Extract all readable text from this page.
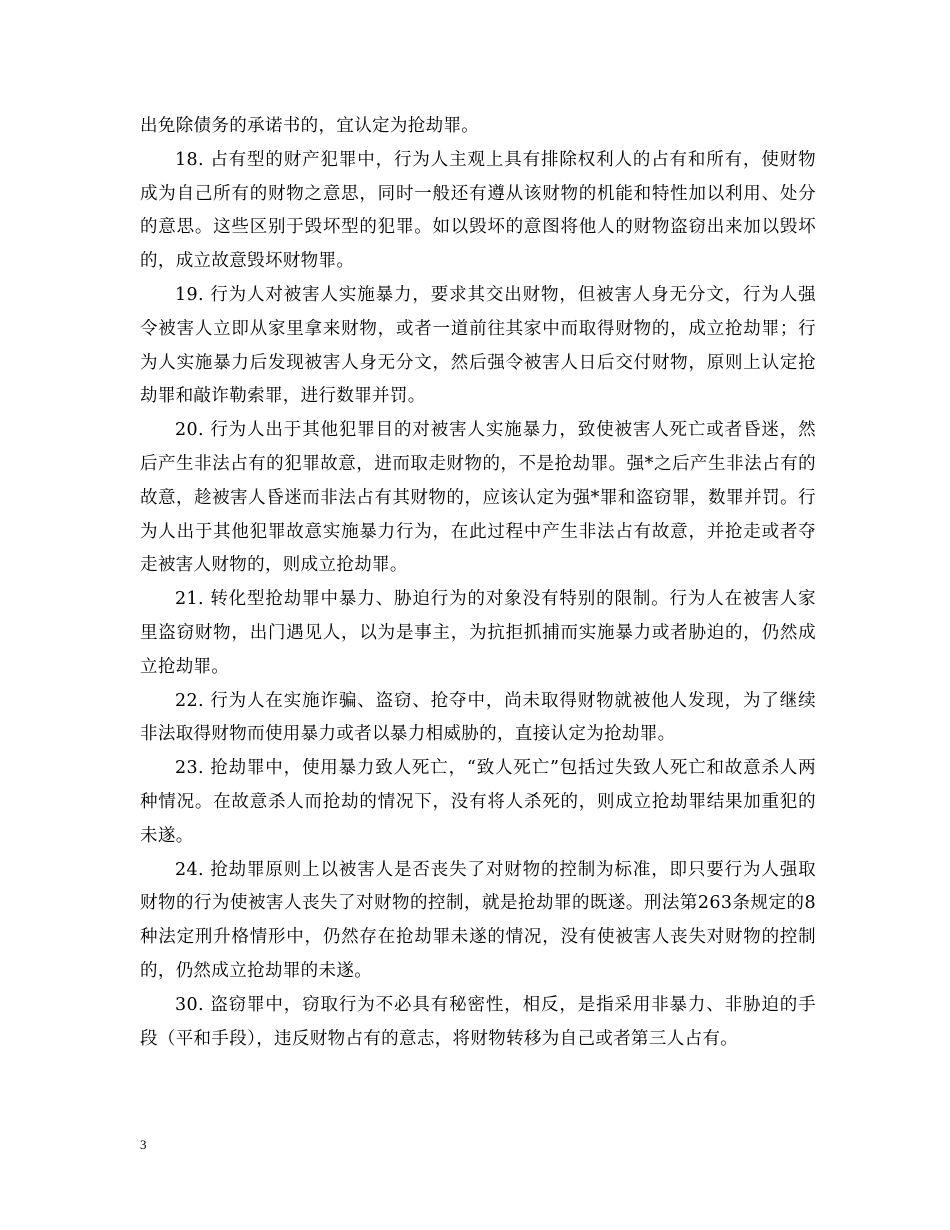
出免除债务的承诺书的，宜认定为抢劫罪。

18. 占有型的财产犯罪中，行为人主观上具有排除权利人的占有和所有，使财物成为自己所有的财物之意思，同时一般还有遵从该财物的机能和特性加以利用、处分的意思。这些区别于毁坏型的犯罪。如以毁坏的意图将他人的财物盗窃出来加以毁坏的，成立故意毁坏财物罪。

19. 行为人对被害人实施暴力，要求其交出财物，但被害人身无分文，行为人强令被害人立即从家里拿来财物，或者一道前往其家中而取得财物的，成立抢劫罪；行为人实施暴力后发现被害人身无分文，然后强令被害人日后交付财物，原则上认定抢劫罪和敲诈勒索罪，进行数罪并罚。

20. 行为人出于其他犯罪目的对被害人实施暴力，致使被害人死亡或者昏迷，然后产生非法占有的犯罪故意，进而取走财物的，不是抢劫罪。强*之后产生非法占有的故意，趁被害人昏迷而非法占有其财物的，应该认定为强*罪和盗窃罪，数罪并罚。行为人出于其他犯罪故意实施暴力行为，在此过程中产生非法占有故意，并抢走或者夺走被害人财物的，则成立抢劫罪。

21. 转化型抢劫罪中暴力、胁迫行为的对象没有特别的限制。行为人在被害人家里盗窃财物，出门遇见人，以为是事主，为抗拒抓捕而实施暴力或者胁迫的，仍然成立抢劫罪。

22. 行为人在实施诈骗、盗窃、抢夺中，尚未取得财物就被他人发现，为了继续非法取得财物而使用暴力或者以暴力相威胁的，直接认定为抢劫罪。

23. 抢劫罪中，使用暴力致人死亡，“致人死亡”包括过失致人死亡和故意杀人两种情况。在故意杀人而抢劫的情况下，没有将人杀死的，则成立抢劫罪结果加重犯的未遂。

24. 抢劫罪原则上以被害人是否丧失了对财物的控制为标准，即只要行为人强取财物的行为使被害人丧失了对财物的控制，就是抢劫罪的既遂。刑法第263条规定的8种法定刑升格情形中，仍然存在抢劫罪未遂的情况，没有使被害人丧失对财物的控制的，仍然成立抢劫罪的未遂。

30. 盗窃罪中，窃取行为不必具有秘密性，相反，是指采用非暴力、非胁迫的手段（平和手段），违反财物占有的意志，将财物转移为自己或者第三人占有。

3
